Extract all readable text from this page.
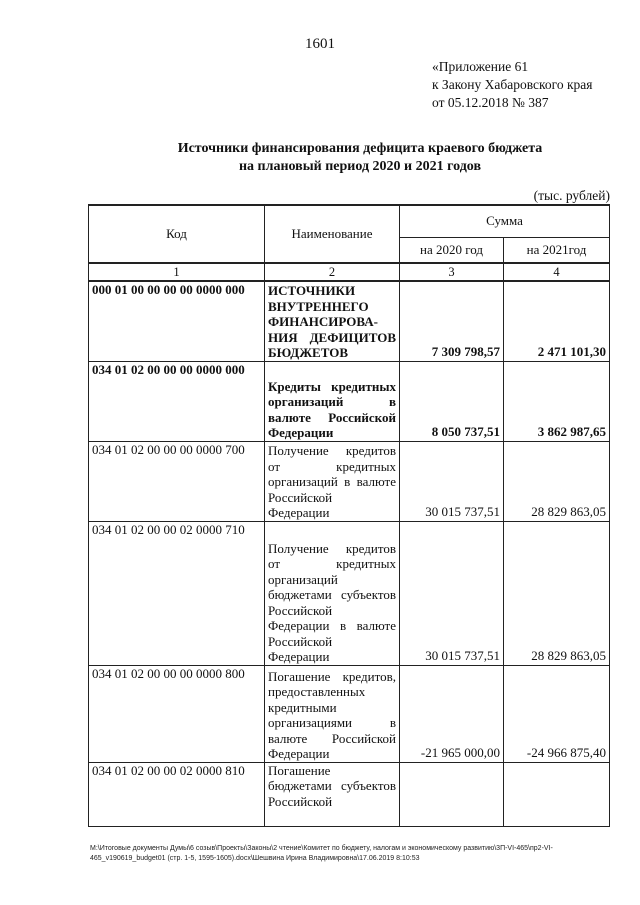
1601
«Приложение 61
к Закону Хабаровского края
от 05.12.2018 № 387
Источники финансирования дефицита краевого бюджета
на плановый период 2020 и 2021 годов
(тыс. рублей)
Код	Наименование	Сумма	
		на 2020 год	на 2021год
1	2	3	4
000 01 00 00 00 00 0000 000	ИСТОЧНИКИ ВНУТРЕННЕГО ФИНАНСИРОВА-НИЯ ДЕФИЦИТОВ БЮДЖЕТОВ	7 309 798,57	2 471 101,30
034 01 02 00 00 00 0000 000	Кредиты кредитных организаций в валюте Российской Федерации	8 050 737,51	3 862 987,65
034 01 02 00 00 00 0000 700	Получение кредитов от кредитных организаций в валюте Российской Федерации	30 015 737,51	28 829 863,05
034 01 02 00 00 02 0000 710	Получение кредитов от кредитных организаций бюджетами субъектов Российской Федерации в валюте Российской Федерации	30 015 737,51	28 829 863,05
034 01 02 00 00 00 0000 800	Погашение кредитов, предоставленных кредитными организациями в валюте Российской Федерации	-21 965 000,00	-24 966 875,40
034 01 02 00 00 02 0000 810	Погашение бюджетами субъектов Российской		
M:\Итоговые документы Думы\6 созыв\Проекты\Законы\2 чтение\Комитет по бюджету, налогам и экономическому развитию\3П-VI-465\пр2-VI-
465_v190619_budget01 (стр. 1-5, 1595-1605).docx\Шешвина Ирина Владимировна\17.06.2019 8:10:53
